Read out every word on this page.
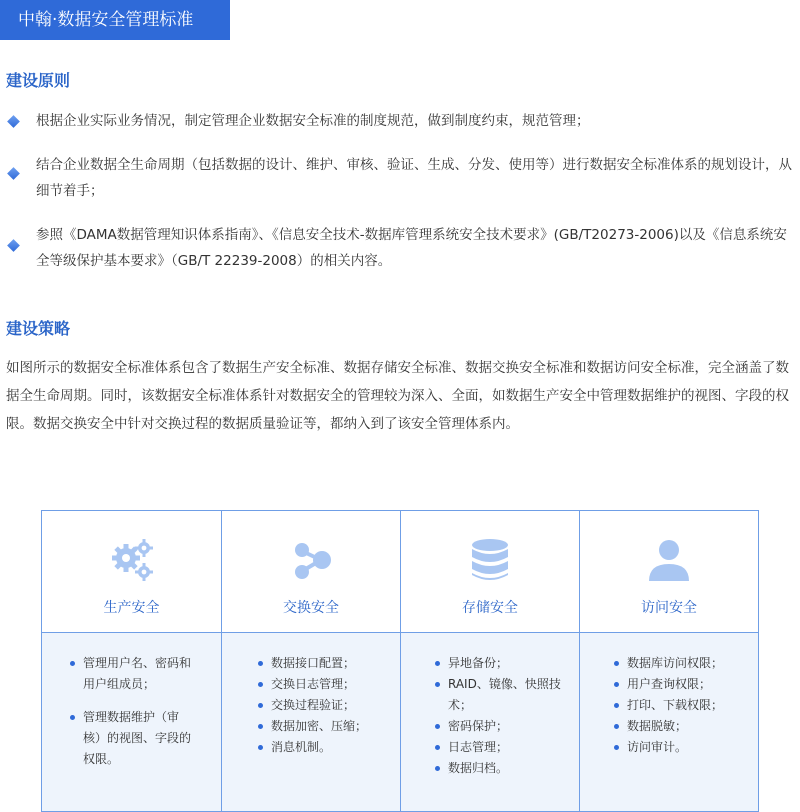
中翰·数据安全管理标准
建设原则
根据企业实际业务情况，制定管理企业数据安全标准的制度规范，做到制度约束，规范管理；
结合企业数据全生命周期（包括数据的设计、维护、审核、验证、生成、分发、使用等）进行数据安全标准体系的规划设计，从细节着手；
参照《DAMA数据管理知识体系指南》、《信息安全技术-数据库管理系统安全技术要求》(GB/T20273-2006)以及《信息系统安全等级保护基本要求》（GB/T 22239-2008）的相关内容。
建设策略

如图所示的数据安全标准体系包含了数据生产安全标准、数据存储安全标准、数据交换安全标准和数据访问安全标准，完全涵盖了数据全生命周期。同时，该数据安全标准体系针对数据安全的管理较为深入、全面，如数据生产安全中管理数据维护的视图、字段的权限。数据交换安全中针对交换过程的数据质量验证等，都纳入到了该安全管理体系内。

生产安全
管理用户名、密码和用户组成员；
管理数据维护（审核）的视图、字段的权限。
交换安全
数据接口配置；
交换日志管理；
交换过程验证；
数据加密、压缩；
消息机制。
存储安全
异地备份；
RAID、镜像、快照技术；
密码保护；
日志管理；
数据归档。
访问安全
数据库访问权限；
用户查询权限；
打印、下载权限；
数据脱敏；
访问审计。
